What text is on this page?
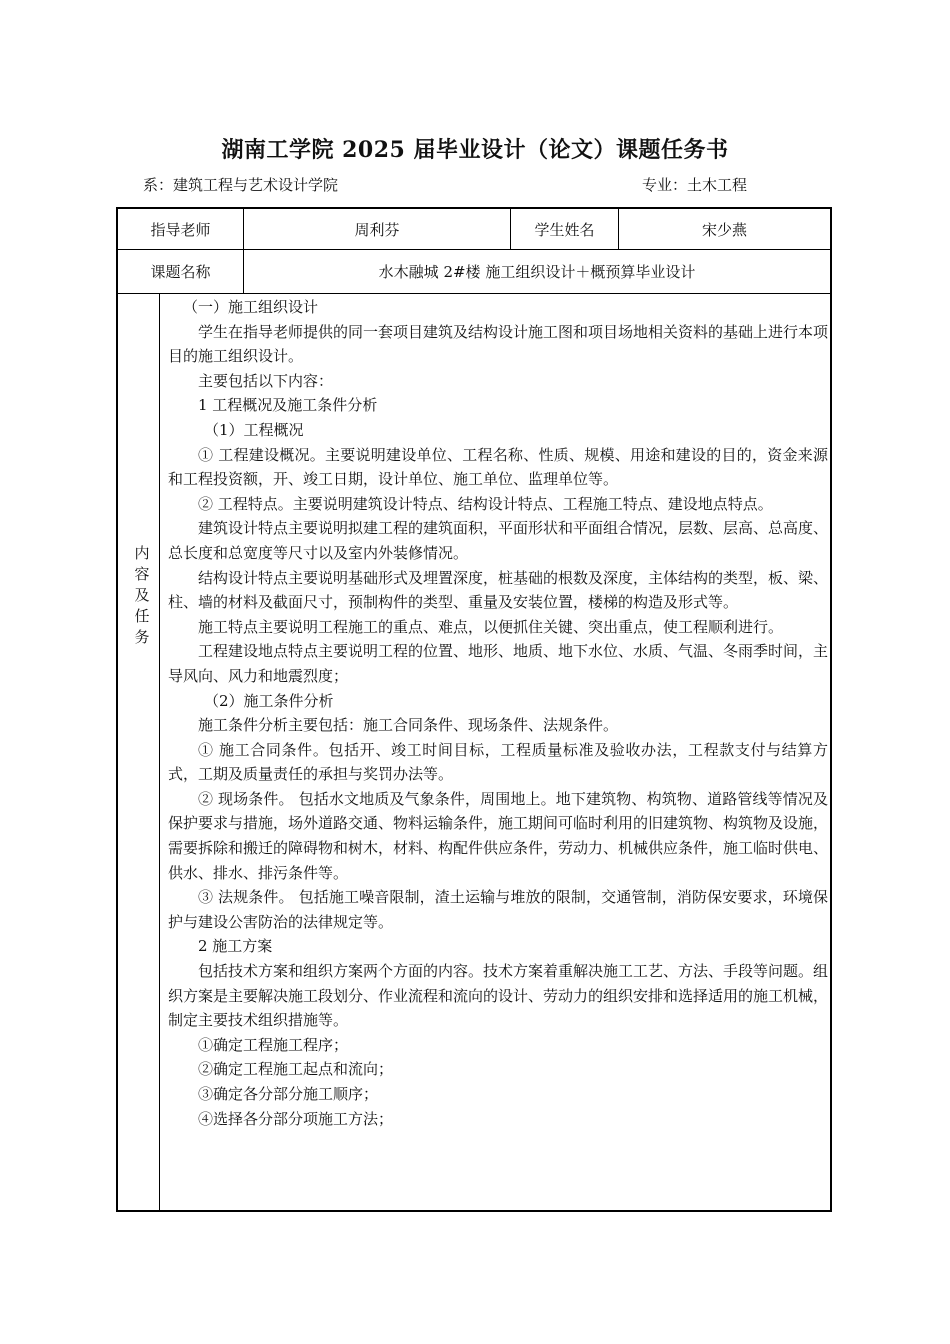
湖南工学院 2025 届毕业设计（论文）课题任务书
系：建筑工程与艺术设计学院	专业：土木工程
指导老师	周利芬	学生姓名	宋少燕
课题名称	水木融城 2#楼 施工组织设计＋概预算毕业设计
内
容
及
任
务

（一）施工组织设计

学生在指导老师提供的同一套项目建筑及结构设计施工图和项目场地相关资料的基础上进行本项目的施工组织设计。

主要包括以下内容：

1 工程概况及施工条件分析

（1）工程概况

① 工程建设概况。主要说明建设单位、工程名称、性质、规模、用途和建设的目的，资金来源和工程投资额，开、竣工日期，设计单位、施工单位、监理单位等。

② 工程特点。主要说明建筑设计特点、结构设计特点、工程施工特点、建设地点特点。

建筑设计特点主要说明拟建工程的建筑面积，平面形状和平面组合情况，层数、层高、总高度、总长度和总宽度等尺寸以及室内外装修情况。

结构设计特点主要说明基础形式及埋置深度，桩基础的根数及深度，主体结构的类型，板、梁、柱、墙的材料及截面尺寸，预制构件的类型、重量及安装位置，楼梯的构造及形式等。

施工特点主要说明工程施工的重点、难点，以便抓住关键、突出重点，使工程顺利进行。

工程建设地点特点主要说明工程的位置、地形、地质、地下水位、水质、气温、冬雨季时间，主导风向、风力和地震烈度；

（2）施工条件分析

施工条件分析主要包括：施工合同条件、现场条件、法规条件。

① 施工合同条件。包括开、竣工时间目标，工程质量标准及验收办法，工程款支付与结算方式，工期及质量责任的承担与奖罚办法等。

② 现场条件。 包括水文地质及气象条件，周围地上。地下建筑物、构筑物、道路管线等情况及保护要求与措施，场外道路交通、物料运输条件，施工期间可临时利用的旧建筑物、构筑物及设施，需要拆除和搬迁的障碍物和树木，材料、构配件供应条件，劳动力、机械供应条件，施工临时供电、供水、排水、排污条件等。

③ 法规条件。 包括施工噪音限制，渣土运输与堆放的限制，交通管制，消防保安要求，环境保护与建设公害防治的法律规定等。

2 施工方案

包括技术方案和组织方案两个方面的内容。技术方案着重解决施工工艺、方法、手段等问题。组织方案是主要解决施工段划分、作业流程和流向的设计、劳动力的组织安排和选择适用的施工机械，制定主要技术组织措施等。

①确定工程施工程序；

②确定工程施工起点和流向；

③确定各分部分施工顺序；

④选择各分部分项施工方法；
